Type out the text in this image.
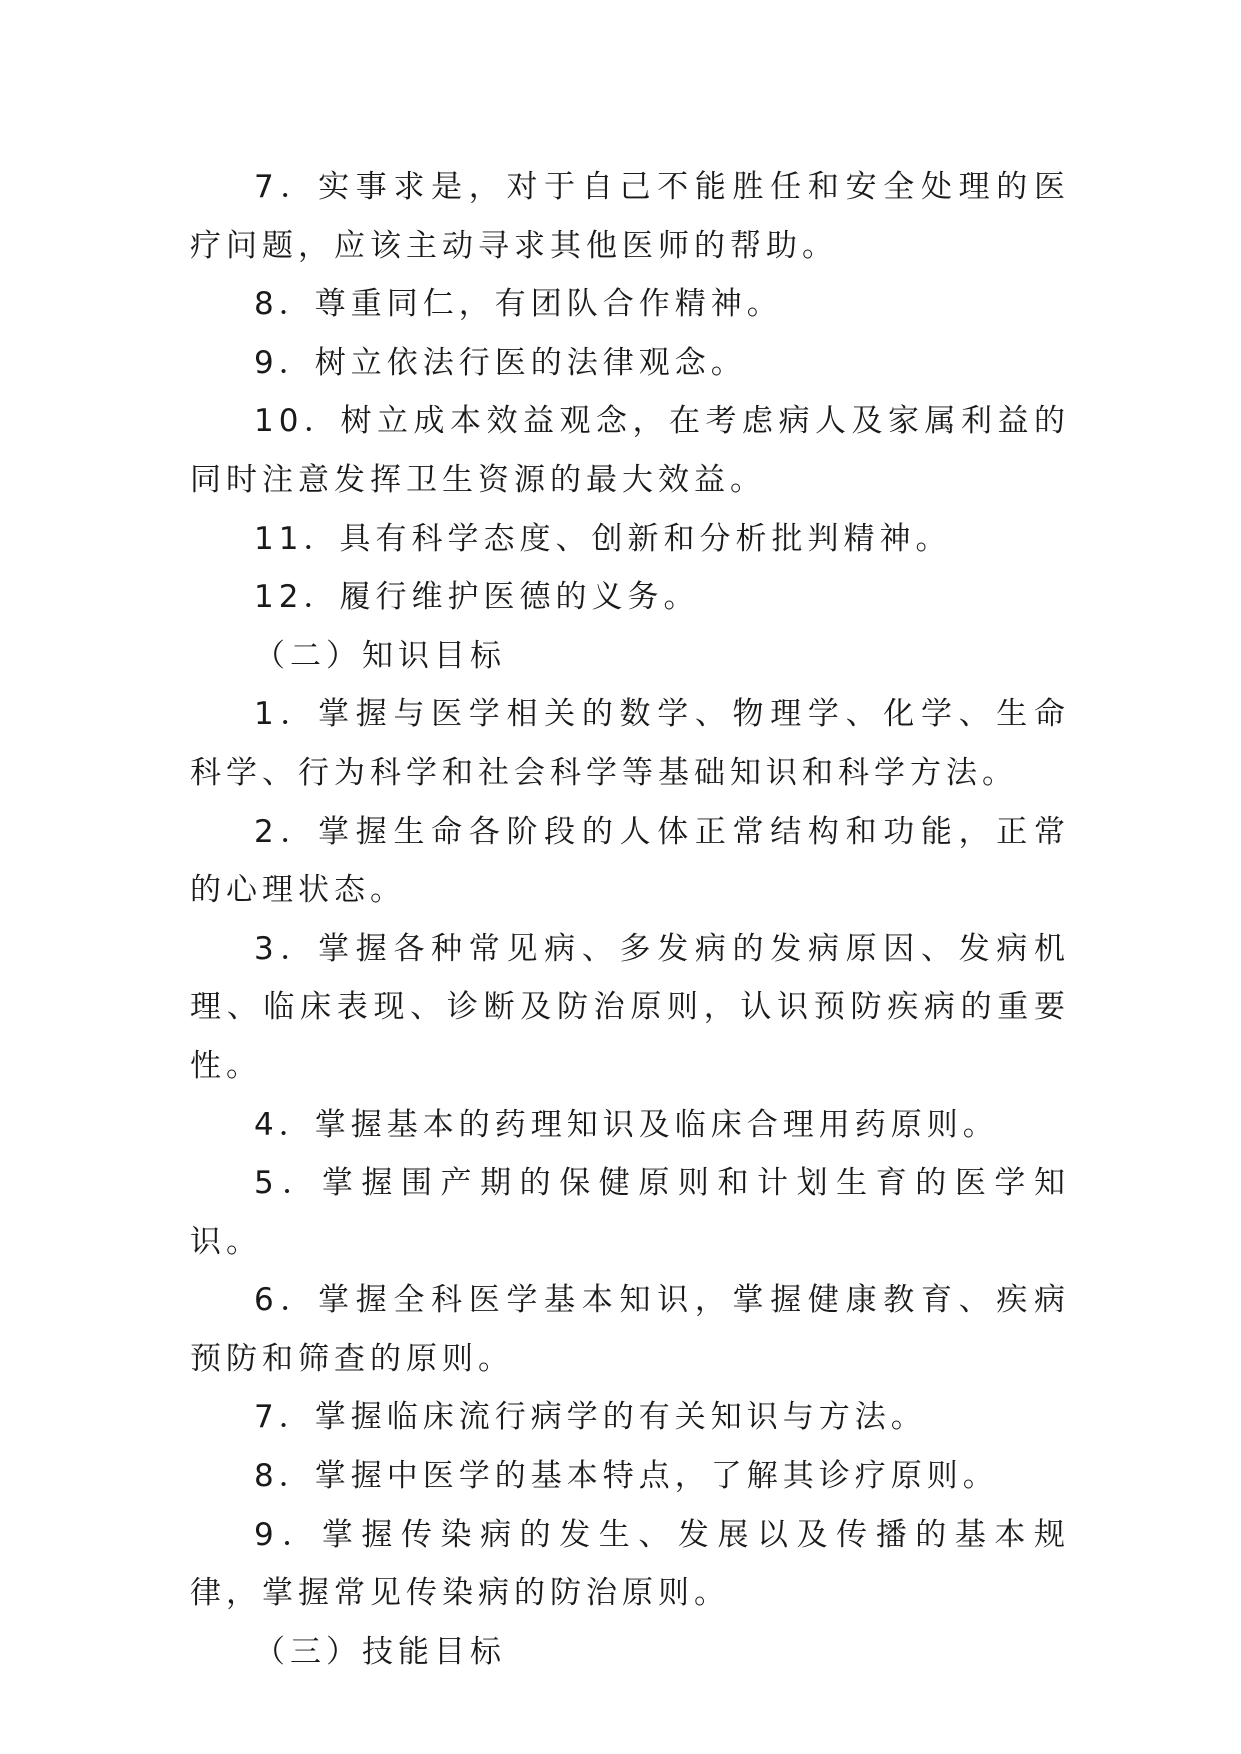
7．实事求是，对于自己不能胜任和安全处理的医疗问题，应该主动寻求其他医师的帮助。

8．尊重同仁，有团队合作精神。

9．树立依法行医的法律观念。

10．树立成本效益观念，在考虑病人及家属利益的同时注意发挥卫生资源的最大效益。

11．具有科学态度、创新和分析批判精神。

12．履行维护医德的义务。

（二）知识目标

1．掌握与医学相关的数学、物理学、化学、生命科学、行为科学和社会科学等基础知识和科学方法。

2．掌握生命各阶段的人体正常结构和功能，正常的心理状态。

3．掌握各种常见病、多发病的发病原因、发病机理、临床表现、诊断及防治原则，认识预防疾病的重要性。

4．掌握基本的药理知识及临床合理用药原则。

5．掌握围产期的保健原则和计划生育的医学知识。

6．掌握全科医学基本知识，掌握健康教育、疾病预防和筛查的原则。

7．掌握临床流行病学的有关知识与方法。

8．掌握中医学的基本特点，了解其诊疗原则。

9．掌握传染病的发生、发展以及传播的基本规律，掌握常见传染病的防治原则。

（三）技能目标
